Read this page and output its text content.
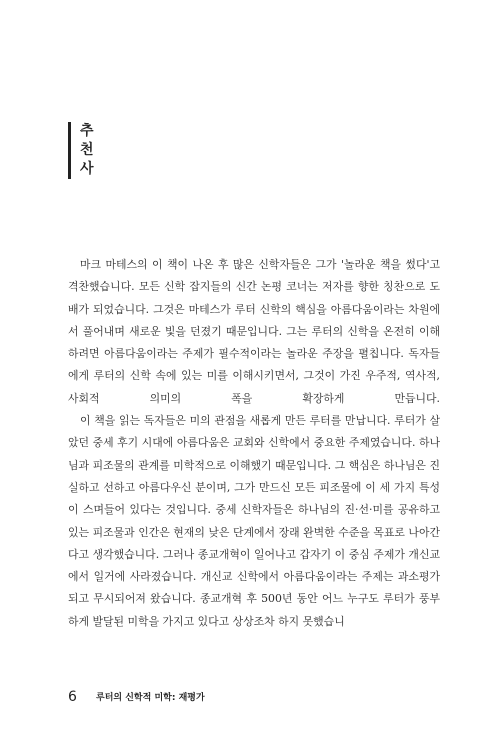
추
천
사

마크 마테스의 이 책이 나온 후 많은 신학자들은 그가 '놀라운 책을 썼다'고 격찬했습니다. 모든 신학 잡지들의 신간 논평 코너는 저자를 향한 칭찬으로 도배가 되었습니다. 그것은 마테스가 루터 신학의 핵심을 아름다움이라는 차원에서 풀어내며 새로운 빛을 던졌기 때문입니다. 그는 루터의 신학을 온전히 이해하려면 아름다움이라는 주제가 필수적이라는 놀라운 주장을 펼칩니다. 독자들에게 루터의 신학 속에 있는 미를 이해시키면서, 그것이 가진 우주적, 역사적, 사회적 의미의 폭을 확장하게 만듭니다.

이 책을 읽는 독자들은 미의 관점을 새롭게 만든 루터를 만납니다. 루터가 살았던 중세 후기 시대에 아름다움은 교회와 신학에서 중요한 주제였습니다. 하나님과 피조물의 관계를 미학적으로 이해했기 때문입니다. 그 핵심은 하나님은 진실하고 선하고 아름다우신 분이며, 그가 만드신 모든 피조물에 이 세 가지 특성이 스며들어 있다는 것입니다. 중세 신학자들은 하나님의 진·선·미를 공유하고 있는 피조물과 인간은 현재의 낮은 단계에서 장래 완벽한 수준을 목표로 나아간다고 생각했습니다. 그러나 종교개혁이 일어나고 갑자기 이 중심 주제가 개신교에서 일거에 사라졌습니다. 개신교 신학에서 아름다움이라는 주제는 과소평가되고 무시되어져 왔습니다. 종교개혁 후 500년 동안 어느 누구도 루터가 풍부하게 발달된 미학을 가지고 있다고 상상조차 하지 못했습니

6 루터의 신학적 미학: 재평가
